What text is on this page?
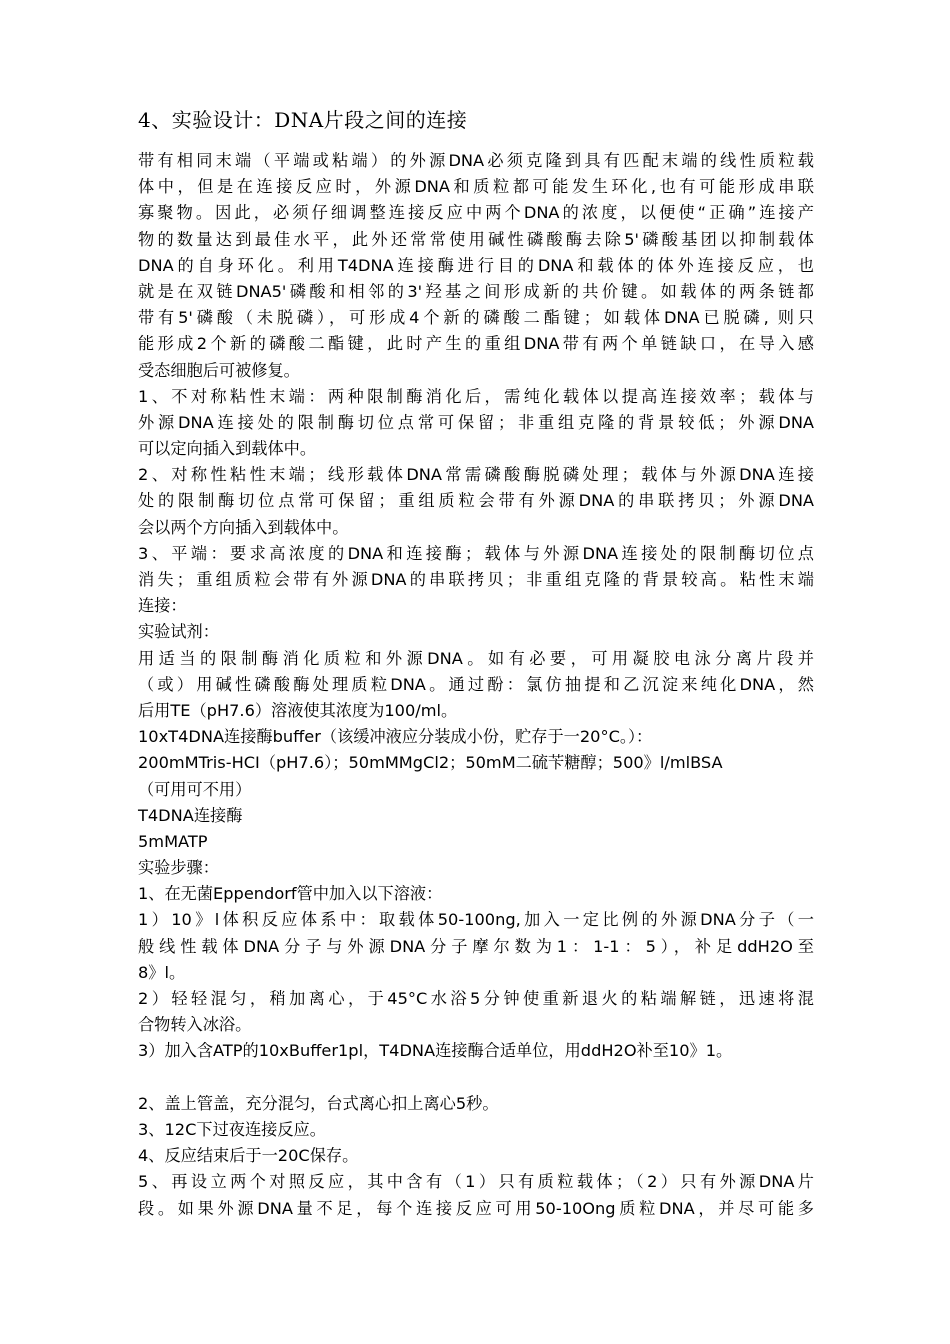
4、实验设计：DNA片段之间的连接
带有相同末端（平端或粘端）的外源DNA必须克隆到具有匹配末端的线性质粒载
体中，但是在连接反应时，外源DNA和质粒都可能发生环化,也有可能形成串联
寡聚物。因此，必须仔细调整连接反应中两个DNA的浓度，以便使“正确”连接产
物的数量达到最佳水平，此外还常常使用碱性磷酸酶去除5'磷酸基团以抑制载体
DNA的自身环化。利用T4DNA连接酶进行目的DNA和载体的体外连接反应，也
就是在双链DNA5'磷酸和相邻的3'羟基之间形成新的共价键。如载体的两条链都
带有5'磷酸（未脱磷），可形成4个新的磷酸二酯键；如载体DNA已脱磷, 则只
能形成2个新的磷酸二酯键，此时产生的重组DNA带有两个单链缺口，在导入感
受态细胞后可被修复。
1、不对称粘性末端：两种限制酶消化后，需纯化载体以提高连接效率；载体与
外源DNA连接处的限制酶切位点常可保留；非重组克隆的背景较低；外源DNA
可以定向插入到载体中。
2、对称性粘性末端；线形载体DNA常需磷酸酶脱磷处理；载体与外源DNA连接
处的限制酶切位点常可保留；重组质粒会带有外源DNA的串联拷贝；外源DNA
会以两个方向插入到载体中。
3、平端：要求高浓度的DNA和连接酶；载体与外源DNA连接处的限制酶切位点
消失；重组质粒会带有外源DNA的串联拷贝；非重组克隆的背景较高。粘性末端
连接：
实验试剂：
用适当的限制酶消化质粒和外源DNA。如有必要，可用凝胶电泳分离片段并
（或）用碱性磷酸酶处理质粒DNA。通过酚：氯仿抽提和乙沉淀来纯化DNA，然
后用TE（pH7.6）溶液使其浓度为100/ml。
10xT4DNA连接酶buffer（该缓冲液应分装成小份，贮存于一20°C。）：
200mMTris-HCI（pH7.6）；50mMMgCl2；50mM二硫苄糖醇；500》l/mlBSA
（可用可不用）
T4DNA连接酶
5mMATP
实验步骤：
1、在无菌Eppendorf管中加入以下溶液：
1）10》l体积反应体系中：取载体50-100ng,加入一定比例的外源DNA分子（一
般线性载体DNA分子与外源DNA分子摩尔数为1：1-1：5），补足ddH2O至
8》l。
2）轻轻混匀，稍加离心，于45°C水浴5分钟使重新退火的粘端解链，迅速将混
合物转入冰浴。
3）加入含ATP的10xBuffer1pl，T4DNA连接酶合适单位，用ddH2O补至10》1。
2、盖上管盖，充分混匀，台式离心扣上离心5秒。
3、12C下过夜连接反应。
4、反应结束后于一20C保存。
5、再设立两个对照反应，其中含有（1）只有质粒载体；（2）只有外源DNA片
段。如果外源DNA量不足，每个连接反应可用50-10Ong质粒DNA，并尽可能多
